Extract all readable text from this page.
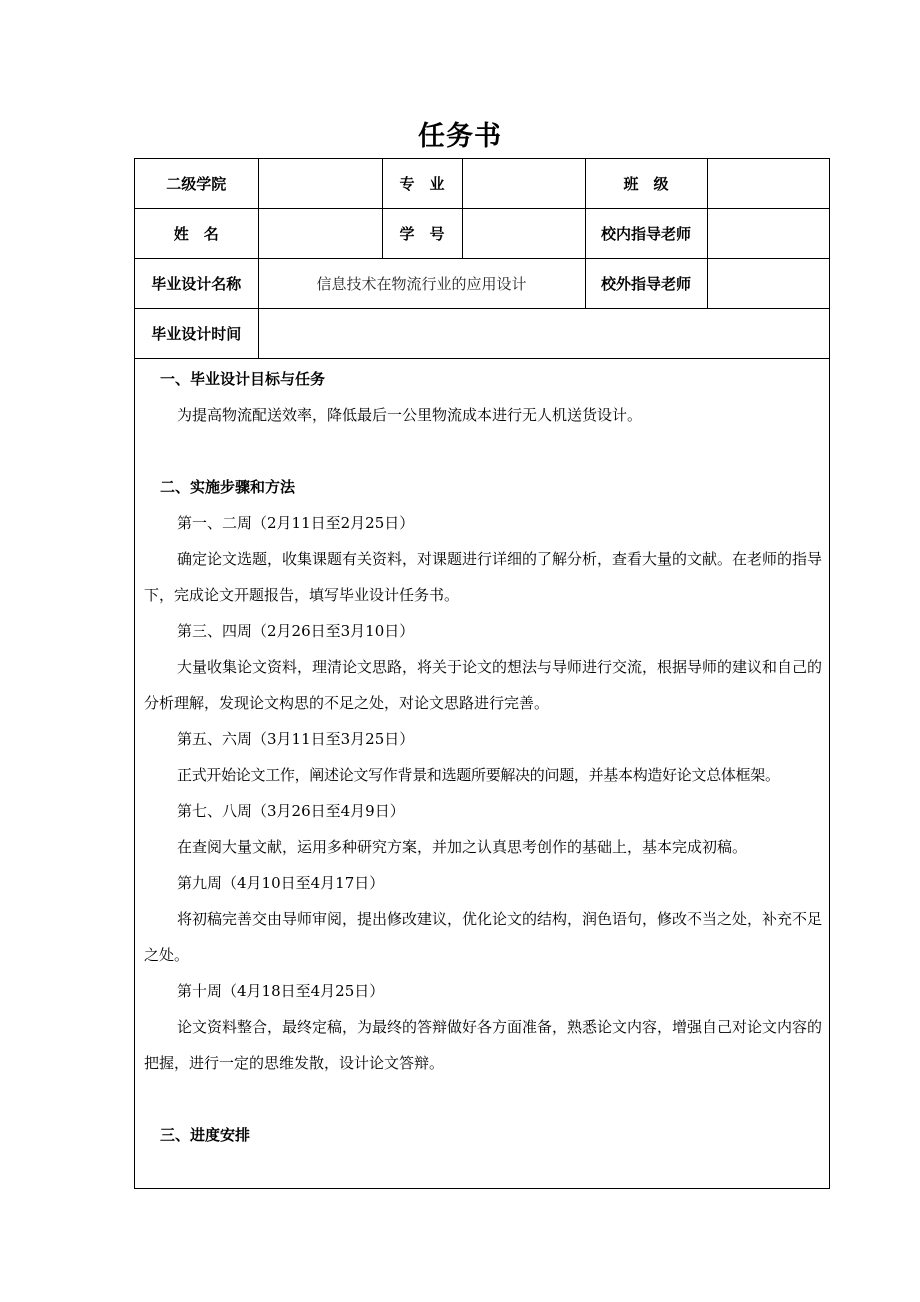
任务书
二级学院		专　业		班　级	
姓　名		学　号		校内指导老师	
毕业设计名称	信息技术在物流行业的应用设计			校外指导老师	
毕业设计时间					
一、毕业设计目标与任务
为提高物流配送效率，降低最后一公里物流成本进行无人机送货设计。
二、实施步骤和方法
第一、二周（2月11日至2月25日）
确定论文选题，收集课题有关资料，对课题进行详细的了解分析，查看大量的文献。在老师的指导下，完成论文开题报告，填写毕业设计任务书。
第三、四周（2月26日至3月10日）
大量收集论文资料，理清论文思路，将关于论文的想法与导师进行交流，根据导师的建议和自己的分析理解，发现论文构思的不足之处，对论文思路进行完善。
第五、六周（3月11日至3月25日）
正式开始论文工作，阐述论文写作背景和选题所要解决的问题，并基本构造好论文总体框架。
第七、八周（3月26日至4月9日）
在查阅大量文献，运用多种研究方案，并加之认真思考创作的基础上，基本完成初稿。
第九周（4月10日至4月17日）
将初稿完善交由导师审阅，提出修改建议，优化论文的结构，润色语句，修改不当之处，补充不足之处。
第十周（4月18日至4月25日）
论文资料整合，最终定稿，为最终的答辩做好各方面准备，熟悉论文内容，增强自己对论文内容的把握，进行一定的思维发散，设计论文答辩。
三、进度安排
